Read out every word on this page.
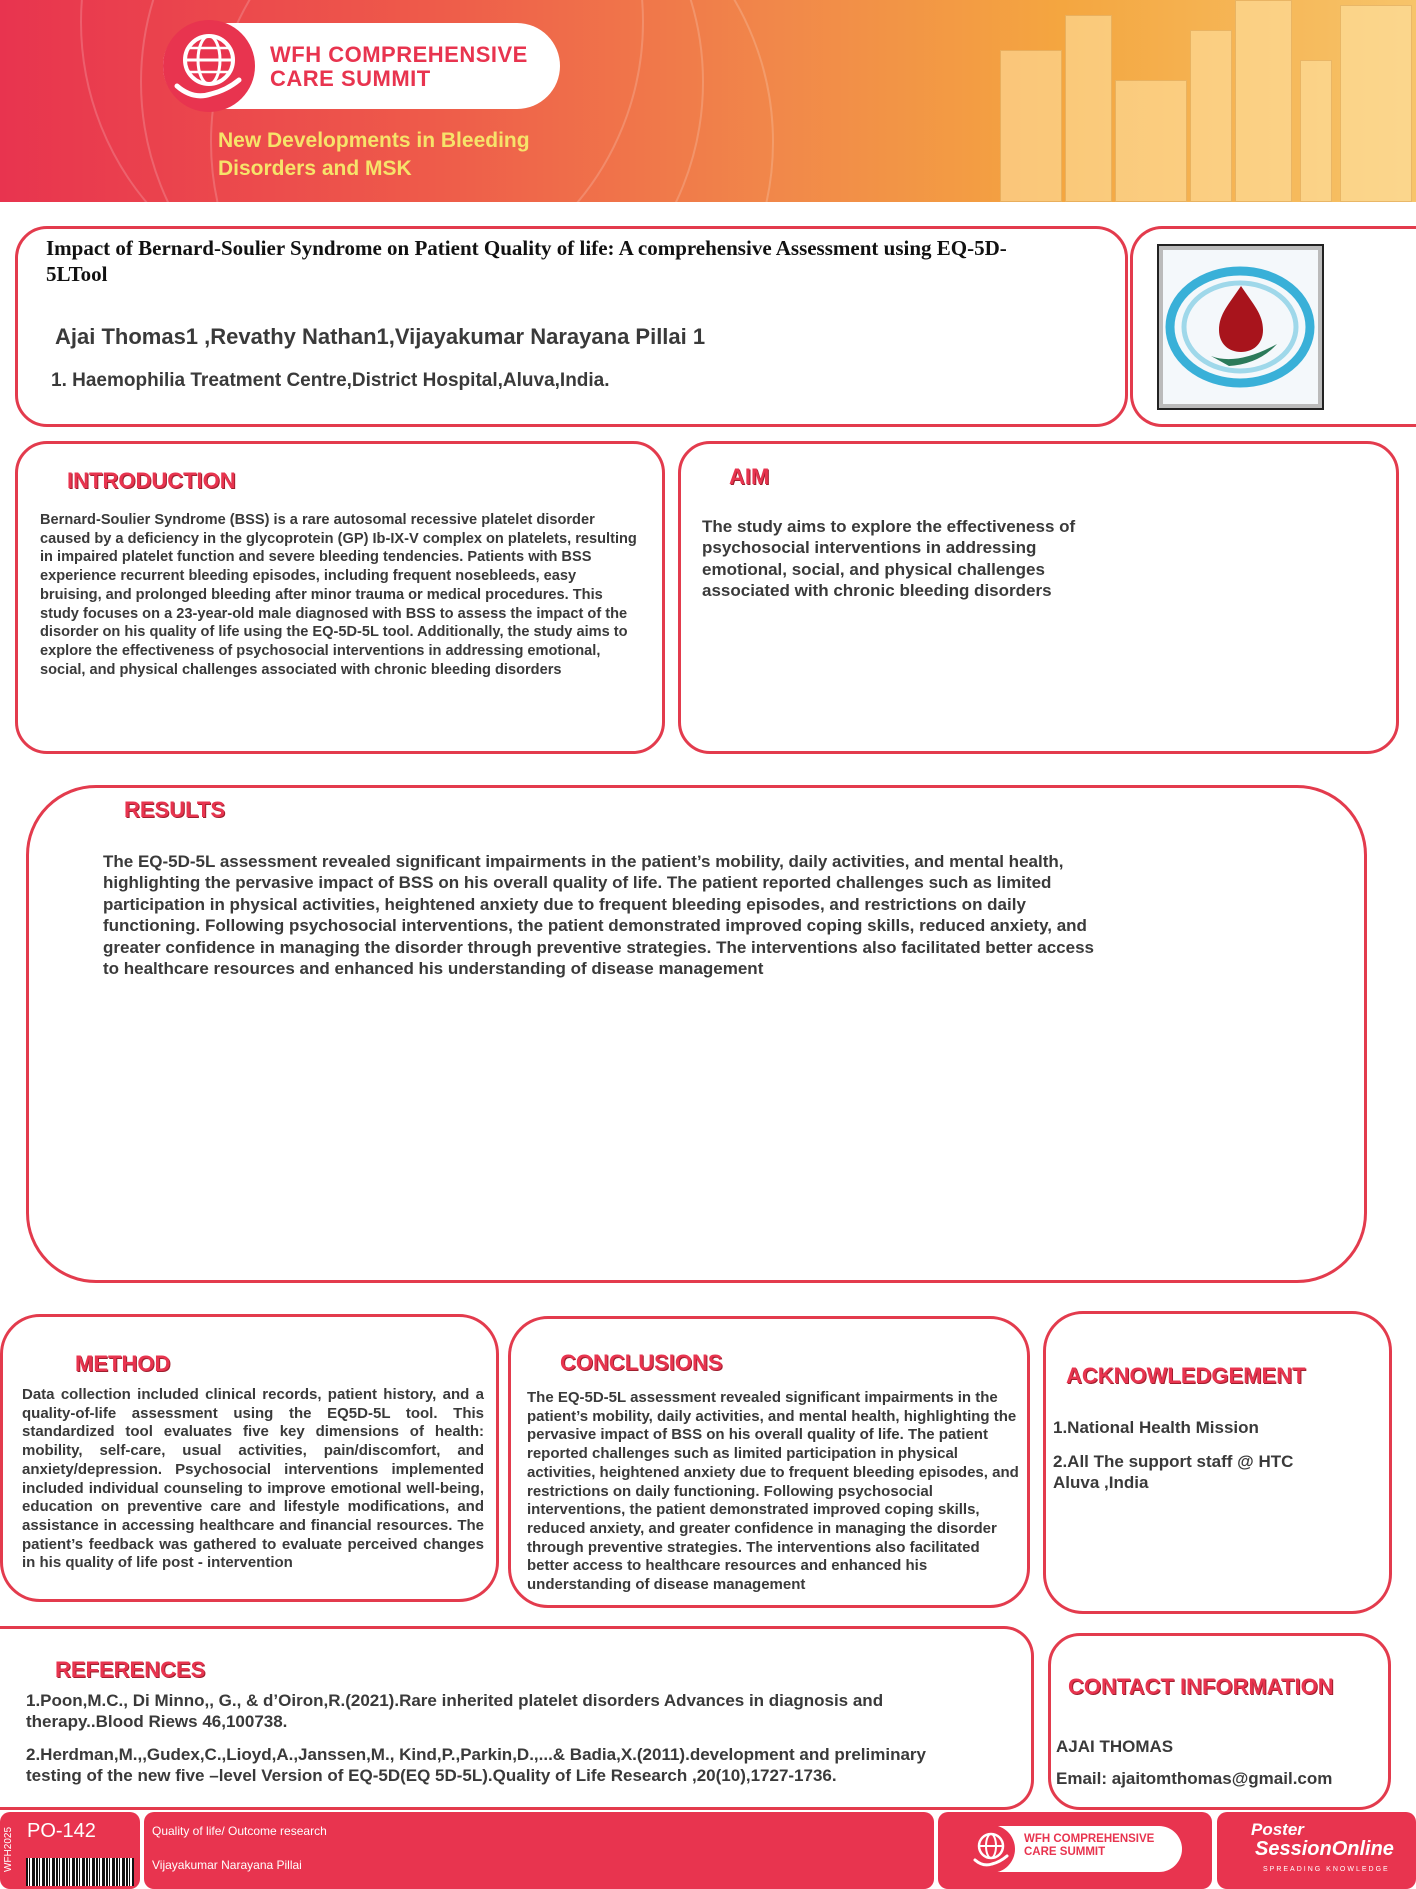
WFH COMPREHENSIVE
CARE SUMMIT
New Developments in Bleeding
Disorders and MSK
Impact of Bernard-Soulier Syndrome on Patient Quality of life: A comprehensive Assessment using EQ-5D-5LTool
Ajai Thomas1 ,Revathy Nathan1,Vijayakumar Narayana Pillai 1
1. Haemophilia Treatment Centre,District Hospital,Aluva,India.
INTRODUCTION
Bernard-Soulier Syndrome (BSS) is a rare autosomal recessive platelet disorder caused by a deficiency in the glycoprotein (GP) Ib-IX-V complex on platelets, resulting in impaired platelet function and severe bleeding tendencies. Patients with BSS experience recurrent bleeding episodes, including frequent nosebleeds, easy bruising, and prolonged bleeding after minor trauma or medical procedures. This study focuses on a 23-year-old male diagnosed with BSS to assess the impact of the disorder on his quality of life using the EQ-5D-5L tool. Additionally, the study aims to explore the effectiveness of psychosocial interventions in addressing emotional, social, and physical challenges associated with chronic bleeding disorders
AIM
The study aims to explore the effectiveness of psychosocial interventions in addressing emotional, social, and physical challenges associated with chronic bleeding disorders
RESULTS
The EQ-5D-5L assessment revealed significant impairments in the patient’s mobility, daily activities, and mental health, highlighting the pervasive impact of BSS on his overall quality of life. The patient reported challenges such as limited participation in physical activities, heightened anxiety due to frequent bleeding episodes, and restrictions on daily functioning. Following psychosocial interventions, the patient demonstrated improved coping skills, reduced anxiety, and greater confidence in managing the disorder through preventive strategies. The interventions also facilitated better access to healthcare resources and enhanced his understanding of disease management
METHOD
Data collection included clinical records, patient history, and a quality-of-life assessment using the EQ5D-5L tool. This standardized tool evaluates five key dimensions of health: mobility, self-care, usual activities, pain/discomfort, and anxiety/depression. Psychosocial interventions implemented included individual counseling to improve emotional well-being, education on preventive care and lifestyle modifications, and assistance in accessing healthcare and financial resources. The patient’s feedback was gathered to evaluate perceived changes in his quality of life post - intervention
CONCLUSIONS
The EQ-5D-5L assessment revealed significant impairments in the patient’s mobility, daily activities, and mental health, highlighting the pervasive impact of BSS on his overall quality of life. The patient reported challenges such as limited participation in physical activities, heightened anxiety due to frequent bleeding episodes, and restrictions on daily functioning. Following psychosocial interventions, the patient demonstrated improved coping skills, reduced anxiety, and greater confidence in managing the disorder through preventive strategies. The interventions also facilitated better access to healthcare resources and enhanced his understanding of disease management
ACKNOWLEDGEMENT
1.National Health Mission
2.All The support staff @ HTC Aluva ,India
REFERENCES
1.Poon,M.C., Di Minno,, G., & d’Oiron,R.(2021).Rare inherited platelet disorders Advances in diagnosis and therapy..Blood Riews 46,100738.
2.Herdman,M.,,Gudex,C.,Lioyd,A.,Janssen,M., Kind,P.,Parkin,D.,...& Badia,X.(2011).development and preliminary testing of the new five –level Version of EQ-5D(EQ 5D-5L).Quality of Life Research ,20(10),1727-1736.
CONTACT INFORMATION
AJAI THOMAS
Email: ajaitomthomas@gmail.com
WFH2025 PO-142	Quality of life/ Outcome research
Vijayakumar Narayana Pillai
WFH COMPREHENSIVE
CARE SUMMIT
Poster
SessionOnline
SPREADING KNOWLEDGE
